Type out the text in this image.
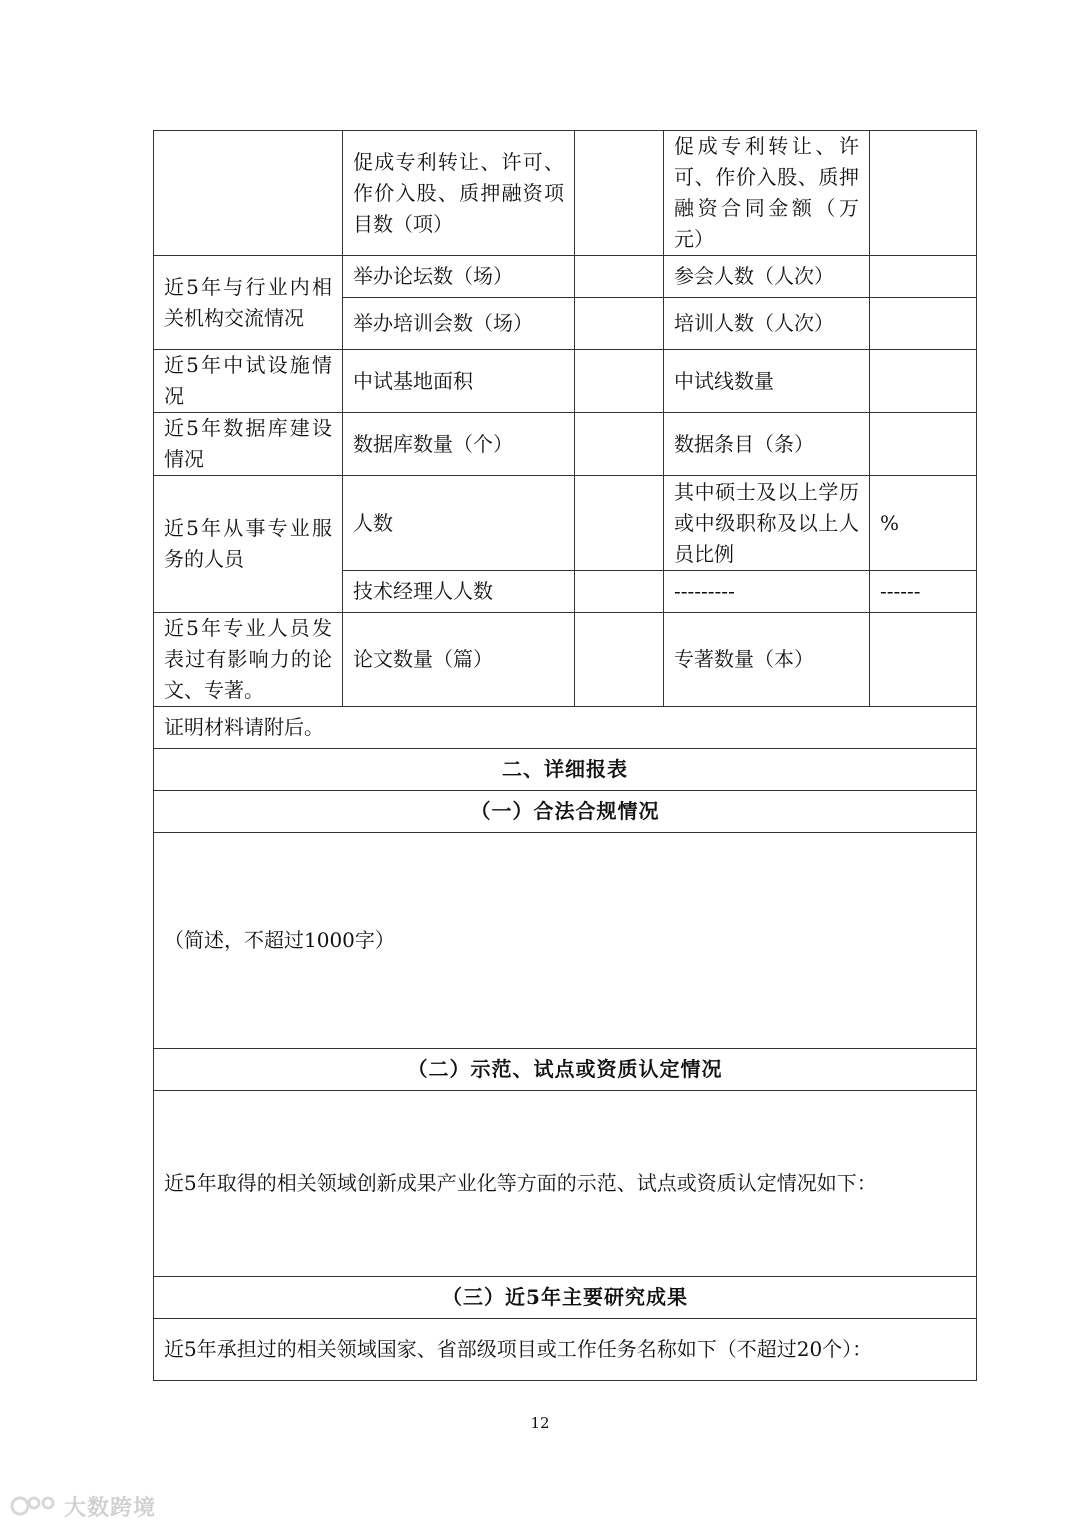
	促成专利转让、许可、作价入股、质押融资项目数（项）		促成专利转让、许可、作价入股、质押融资合同金额（万元）	
近5年与行业内相关机构交流情况	举办论坛数（场）		参会人数（人次）	
	举办培训会数（场）		培训人数（人次）	
近5年中试设施情况	中试基地面积		中试线数量	
近5年数据库建设情况	数据库数量（个）		数据条目（条）	
近5年从事专业服务的人员	人数		其中硕士及以上学历或中级职称及以上人员比例	%
	技术经理人人数		---------	------
近5年专业人员发表过有影响力的论文、专著。	论文数量（篇）		专著数量（本）	
证明材料请附后。				
二、详细报表				
（一）合法合规情况				
（简述，不超过1000字）				
（二）示范、试点或资质认定情况				
近5年取得的相关领域创新成果产业化等方面的示范、试点或资质认定情况如下：				
（三）近5年主要研究成果				
近5年承担过的相关领域国家、省部级项目或工作任务名称如下（不超过20个）：				
12
大数跨境
